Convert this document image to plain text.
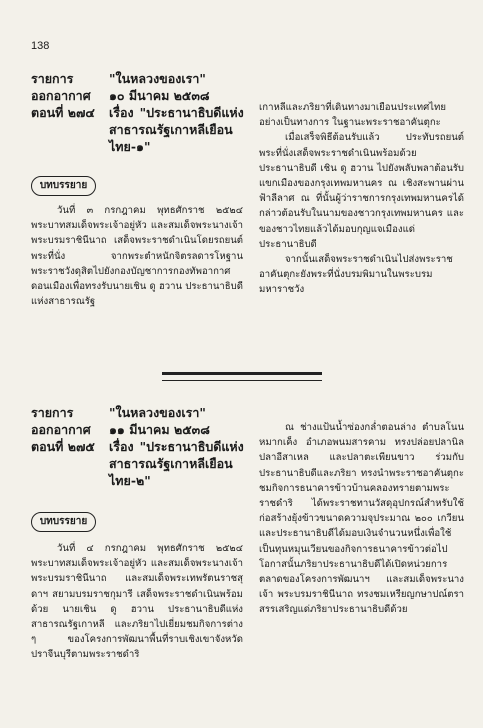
138
รายการ	"ในหลวงของเรา"
ออกอากาศ	๑๐ มีนาคม ๒๕๓๘
ตอนที่ ๒๗๔	เรื่อง "ประธานาธิบดีแห่ง
สาธารณรัฐเกาหลีเยือน
ไทย-๑"
บทบรรยาย

วันที่ ๓ กรกฎาคม พุทธศักราช ๒๕๒๔ พระบาทสมเด็จพระเจ้าอยู่หัว และสมเด็จพระนางเจ้า พระบรมราชินีนาถ เสด็จพระราชดำเนินโดยรถยนต์พระที่นั่ง จากพระตำหนักจิตรลดารโหฐาน พระราชวังดุสิตไปยังกองบัญชาการกองทัพอากาศดอนเมืองเพื่อทรงรับนายเชิน ดู ฮวาน ประธานาธิบดีแห่งสาธารณรัฐ

เกาหลีและภริยาที่เดินทางมาเยือนประเทศไทยอย่างเป็นทางการ ในฐานะพระราชอาคันตุกะ

เมื่อเสร็จพิธีต้อนรับแล้ว ประทับรถยนต์พระที่นั่งเสด็จพระราชดำเนินพร้อมด้วยประธานาธิบดี เชิน ดู ฮวาน ไปยังพลับพลาต้อนรับแขกเมืองของกรุงเทพมหานคร ณ เชิงสะพานผ่านฟ้าลีลาศ ณ ที่นั้นผู้ว่าราชการกรุงเทพมหานครได้กล่าวต้อนรับในนามของชาวกรุงเทพมหานคร และของชาวไทยแล้วได้มอบกุญแจเมืองแด่ประธานาธิบดี

จากนั้นเสด็จพระราชดำเนินไปส่งพระราชอาคันตุกะยังพระที่นั่งบรมพิมานในพระบรมมหาราชวัง

รายการ	"ในหลวงของเรา"
ออกอากาศ	๑๑ มีนาคม ๒๕๓๘
ตอนที่ ๒๗๕	เรื่อง "ประธานาธิบดีแห่ง
สาธารณรัฐเกาหลีเยือน
ไทย-๒"
บทบรรยาย

วันที่ ๔ กรกฎาคม พุทธศักราช ๒๕๒๔ พระบาทสมเด็จพระเจ้าอยู่หัว และสมเด็จพระนางเจ้า พระบรมราชินีนาถ และสมเด็จพระเทพรัตนราชสุดาฯ สยามบรมราชกุมารี เสด็จพระราชดำเนินพร้อมด้วย นายเชิน ดู ฮวาน ประธานาธิบดีแห่งสาธารณรัฐเกาหลี และภริยาไปเยี่ยมชมกิจการต่าง ๆ ของโครงการพัฒนาพื้นที่ราบเชิงเขาจังหวัดปราจีนบุรีตามพระราชดำริ

ณ ช่างแป้นน้ำซ่องกล่ำตอนล่าง ตำบลโนนหมากเค็ง อำเภอพนมสารคาม ทรงปล่อยปลานิล ปลาอีสาเหล และปลาตะเพียนขาว ร่วมกับประธานาธิบดีและภริยา ทรงนำพระราชอาคันตุกะชมกิจการธนาคารข้าวบ้านคลองทรายตามพระราชดำริ ได้พระราชทานวัสดุอุปกรณ์สำหรับใช้ก่อสร้างยุ้งข้าวขนาดความจุประมาณ ๒๐๐ เกวียน และประธานาธิบดีได้มอบเงินจำนวนหนึ่งเพื่อใช้เป็นทุนหมุนเวียนของกิจการธนาคารข้าวต่อไป โอกาสนั้นภริยาประธานาธิบดีได้เปิดหน่วยการตลาดของโครงการพัฒนาฯ และสมเด็จพระนางเจ้า พระบรมราชินีนาถ ทรงชมเหรียญกษาปณ์ตราสรรเสริญแด่ภริยาประธานาธิบดีด้วย
